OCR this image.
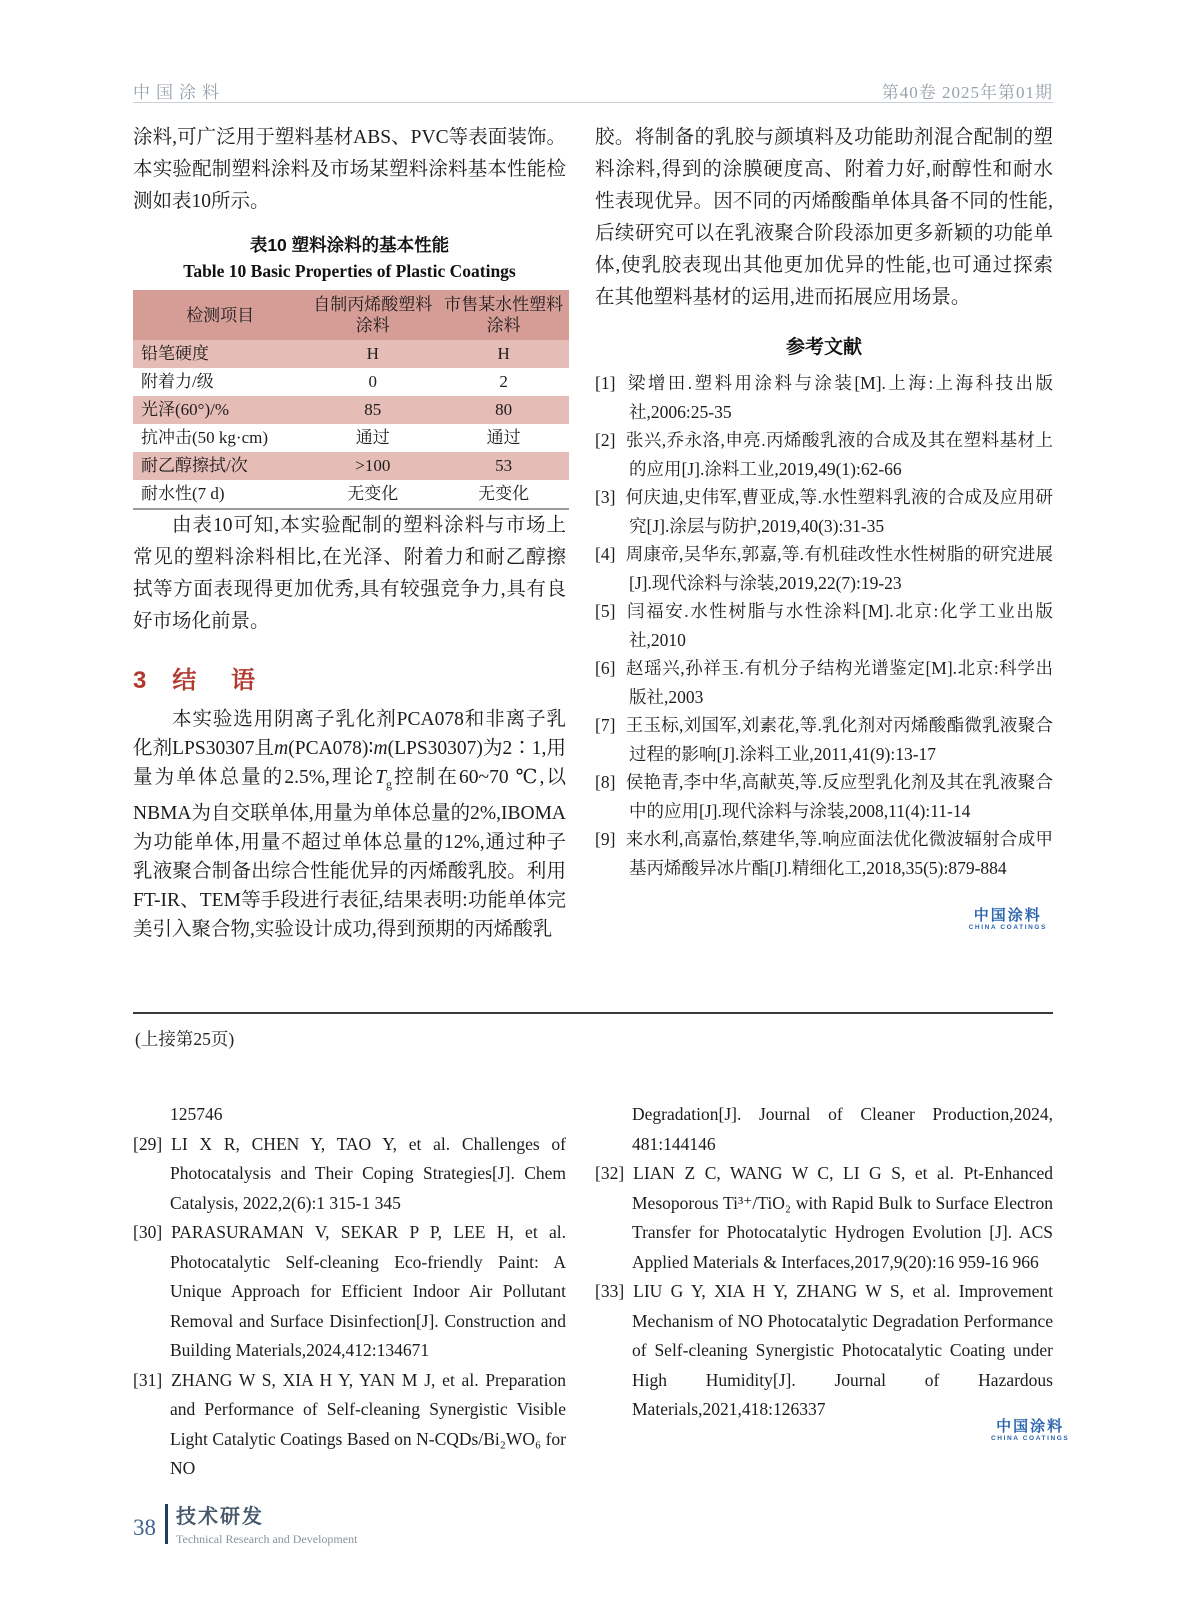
中国涂料	第40卷 2025年第01期

涂料,可广泛用于塑料基材ABS、PVC等表面装饰。本实验配制塑料涂料及市场某塑料涂料基本性能检测如表10所示。

表10 塑料涂料的基本性能

Table 10 Basic Properties of Plastic Coatings

检测项目	自制丙烯酸塑料涂料	市售某水性塑料涂料
铅笔硬度	H	H
附着力/级	0	2
光泽(60°)/%	85	80
抗冲击(50 kg·cm)	通过	通过
耐乙醇擦拭/次	>100	53
耐水性(7 d)	无变化	无变化

由表10可知,本实验配制的塑料涂料与市场上常见的塑料涂料相比,在光泽、附着力和耐乙醇擦拭等方面表现得更加优秀,具有较强竞争力,具有良好市场化前景。

3 结 语

本实验选用阴离子乳化剂PCA078和非离子乳化剂LPS30307且m(PCA078)∶m(LPS30307)为2∶1,用量为单体总量的2.5%,理论$T_g$控制在60~70 ℃,以NBMA为自交联单体,用量为单体总量的2%,IBOMA为功能单体,用量不超过单体总量的12%,通过种子乳液聚合制备出综合性能优异的丙烯酸乳胶。利用FT-IR、TEM等手段进行表征,结果表明:功能单体完美引入聚合物,实验设计成功,得到预期的丙烯酸乳

胶。将制备的乳胶与颜填料及功能助剂混合配制的塑料涂料,得到的涂膜硬度高、附着力好,耐醇性和耐水性表现优异。因不同的丙烯酸酯单体具备不同的性能,后续研究可以在乳液聚合阶段添加更多新颖的功能单体,使乳胶表现出其他更加优异的性能,也可通过探索在其他塑料基材的运用,进而拓展应用场景。

参考文献

[1] 梁增田.塑料用涂料与涂装[M].上海:上海科技出版社,2006:25-35

[2] 张兴,乔永洛,申亮.丙烯酸乳液的合成及其在塑料基材上的应用[J].涂料工业,2019,49(1):62-66

[3] 何庆迪,史伟军,曹亚成,等.水性塑料乳液的合成及应用研究[J].涂层与防护,2019,40(3):31-35

[4] 周康帝,吴华东,郭嘉,等.有机硅改性水性树脂的研究进展[J].现代涂料与涂装,2019,22(7):19-23

[5] 闫福安.水性树脂与水性涂料[M].北京:化学工业出版社,2010

[6] 赵瑶兴,孙祥玉.有机分子结构光谱鉴定[M].北京:科学出版社,2003

[7] 王玉标,刘国军,刘素花,等.乳化剂对丙烯酸酯微乳液聚合过程的影响[J].涂料工业,2011,41(9):13-17

[8] 侯艳青,李中华,高献英,等.反应型乳化剂及其在乳液聚合中的应用[J].现代涂料与涂装,2008,11(4):11-14

[9] 来水利,高嘉怡,蔡建华,等.响应面法优化微波辐射合成甲基丙烯酸异冰片酯[J].精细化工,2018,35(5):879-884

中国涂料
CHINA COATINGS
(上接第25页)

125746

[29] LI X R, CHEN Y, TAO Y, et al. Challenges of Photocatalysis and Their Coping Strategies[J]. Chem Catalysis, 2022,2(6):1 315-1 345

[30] PARASURAMAN V, SEKAR P P, LEE H, et al. Photocatalytic Self-cleaning Eco-friendly Paint: A Unique Approach for Efficient Indoor Air Pollutant Removal and Surface Disinfection[J]. Construction and Building Materials,2024,412:134671

[31] ZHANG W S, XIA H Y, YAN M J, et al. Preparation and Performance of Self-cleaning Synergistic Visible Light Catalytic Coatings Based on N-CQDs/Bi₂WO₆ for NO

Degradation[J]. Journal of Cleaner Production,2024, 481:144146

[32] LIAN Z C, WANG W C, LI G S, et al. Pt-Enhanced Mesoporous Ti³⁺/TiO₂ with Rapid Bulk to Surface Electron Transfer for Photocatalytic Hydrogen Evolution [J]. ACS Applied Materials & Interfaces,2017,9(20):16 959-16 966

[33] LIU G Y, XIA H Y, ZHANG W S, et al. Improvement Mechanism of NO Photocatalytic Degradation Performance of Self-cleaning Synergistic Photocatalytic Coating under High Humidity[J]. Journal of Hazardous Materials,2021,418:126337

中国涂料
CHINA COATINGS
38 技术研发
Technical Research and Development
